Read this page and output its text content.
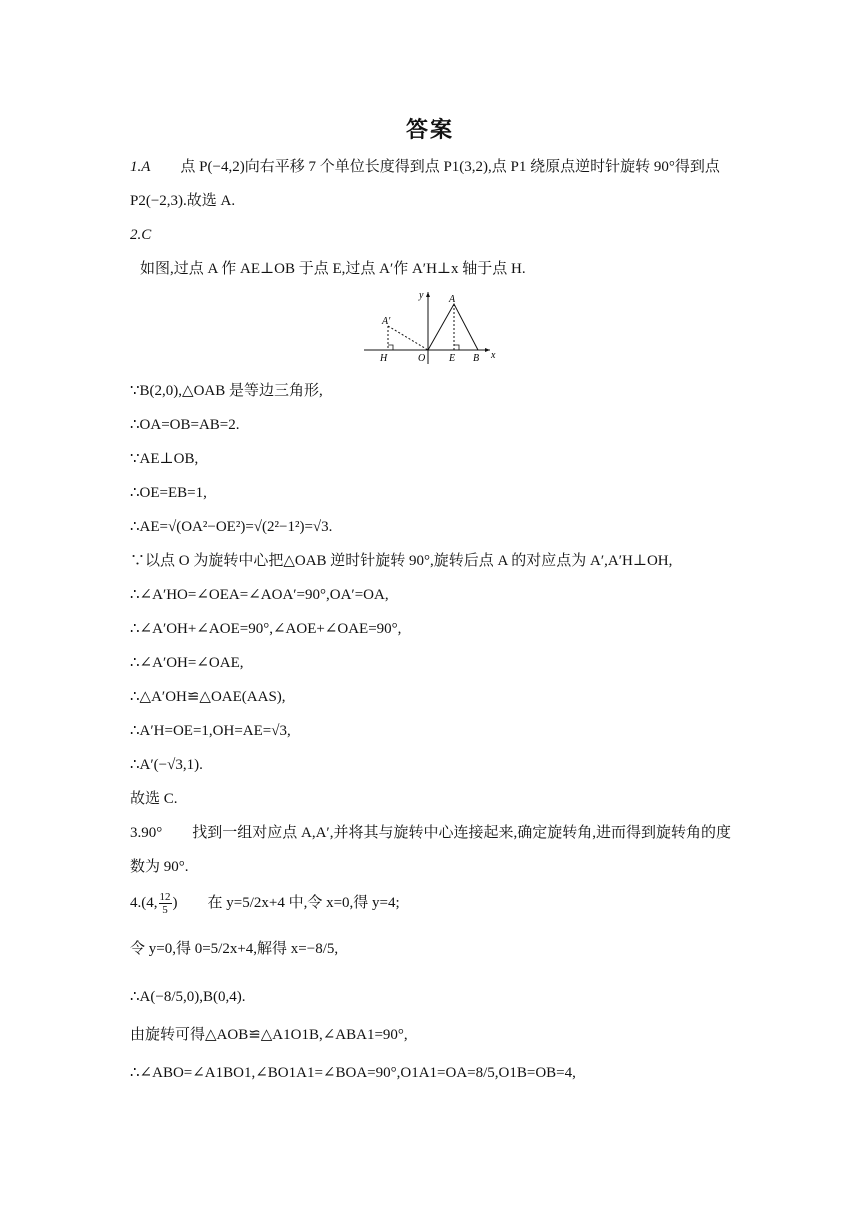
答案
1.A 点 P(−4,2)向右平移 7 个单位长度得到点 P1(3,2),点 P1 绕原点逆时针旋转 90°得到点
P2(−2,3).故选 A.
2.C
如图,过点 A 作 AE⊥OB 于点 E,过点 A′作 A′H⊥x 轴于点 H.
y
x
A
A′
H	O E B
∵B(2,0),△OAB 是等边三角形,
∴OA=OB=AB=2.
∵AE⊥OB,
∴OE=EB=1,
∴AE=√(OA²−OE²)=√(2²−1²)=√3.
∵以点 O 为旋转中心把△OAB 逆时针旋转 90°,旋转后点 A 的对应点为 A′,A′H⊥OH,
∴∠A′HO=∠OEA=∠AOA′=90°,OA′=OA,
∴∠A′OH+∠AOE=90°,∠AOE+∠OAE=90°,
∴∠A′OH=∠OAE,
∴△A′OH≌△OAE(AAS),
∴A′H=OE=1,OH=AE=√3,
∴A′(−√3,1).
故选 C.
3.90° 找到一组对应点 A,A′,并将其与旋转中心连接起来,确定旋转角,进而得到旋转角的度
数为 90°.
4.(4, $\frac{12}{5}$ ) 在 y=5/2x+4 中,令 x=0,得 y=4;
令 y=0,得 0=5/2x+4,解得 x=−8/5,
∴A(−8/5,0),B(0,4).
由旋转可得△AOB≌△A1O1B,∠ABA1=90°,
∴∠ABO=∠A1BO1,∠BO1A1=∠BOA=90°,O1A1=OA=8/5,O1B=OB=4,
